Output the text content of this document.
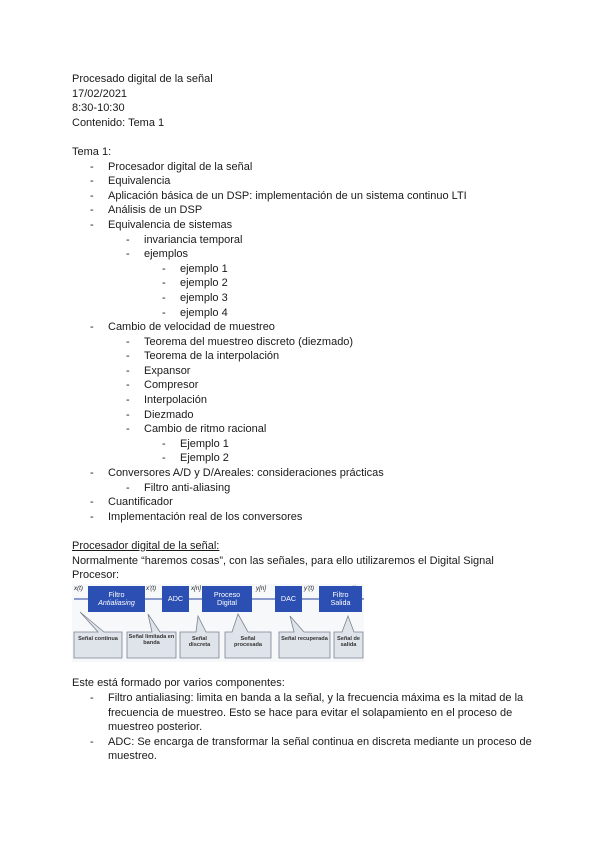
Procesado digital de la señal
17/02/2021
8:30-10:30
Contenido: Tema 1
Tema 1:
- Procesador digital de la señal
- Equivalencia
- Aplicación básica de un DSP: implementación de un sistema continuo LTI
- Análisis de un DSP
- Equivalencia de sistemas
- invariancia temporal
- ejemplos
- ejemplo 1
- ejemplo 2
- ejemplo 3
- ejemplo 4
- Cambio de velocidad de muestreo
- Teorema del muestreo discreto (diezmado)
- Teorema de la interpolación
- Expansor
- Compresor
- Interpolación
- Diezmado
- Cambio de ritmo racional
- Ejemplo 1
- Ejemplo 2
- Conversores A/D y D/Areales: consideraciones prácticas
- Filtro anti-aliasing
- Cuantificador
- Implementación real de los conversores
Procesador digital de la señal:
Normalmente “haremos cosas”, con las señales, para ello utilizaremos el Digital Signal Procesor:
x(t)	x'(t)	x[n]	y[n]	y'(t)
Filtro
Antialiasing	ADC	Proceso
Digital	DAC	Filtro
Salida
Señal continua	Señal limitada en banda
Señal discreta
Señal procesada
Señal recuperada	Señal de salida
Este está formado por varios componentes:
- Filtro antialiasing: limita en banda a la señal, y la frecuencia máxima es la mitad de la frecuencia de muestreo. Esto se hace para evitar el solapamiento en el proceso de muestreo posterior.
- ADC: Se encarga de transformar la señal continua en discreta mediante un proceso de muestreo.
